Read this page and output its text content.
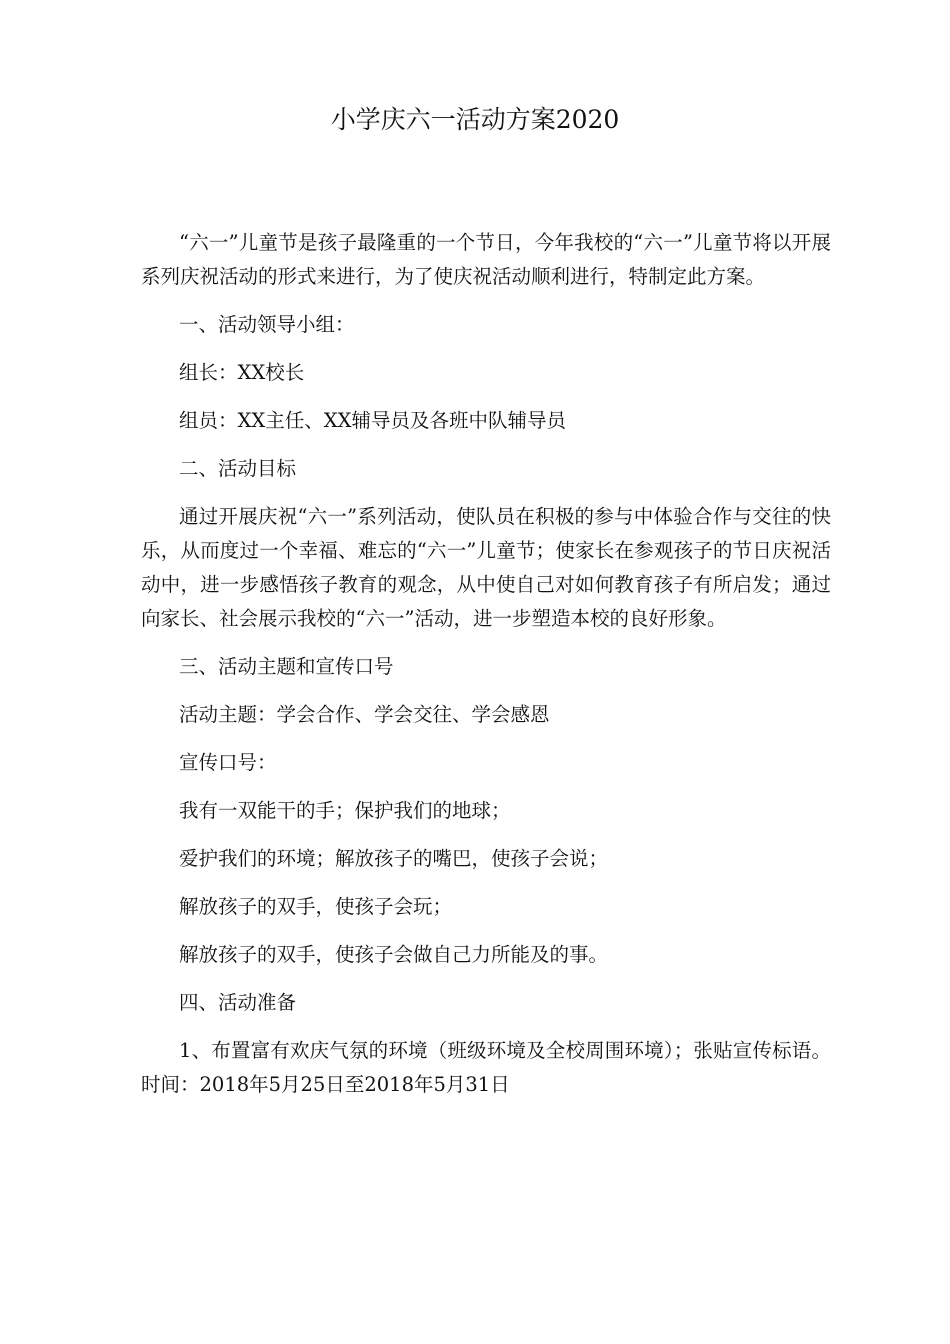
小学庆六一活动方案2020

“六一”儿童节是孩子最隆重的一个节日，今年我校的“六一”儿童节将以开展系列庆祝活动的形式来进行，为了使庆祝活动顺利进行，特制定此方案。

一、活动领导小组：

组长：XX校长

组员：XX主任、XX辅导员及各班中队辅导员

二、活动目标

通过开展庆祝“六一”系列活动，使队员在积极的参与中体验合作与交往的快乐，从而度过一个幸福、难忘的“六一”儿童节；使家长在参观孩子的节日庆祝活动中，进一步感悟孩子教育的观念，从中使自己对如何教育孩子有所启发；通过向家长、社会展示我校的“六一”活动，进一步塑造本校的良好形象。

三、活动主题和宣传口号

活动主题：学会合作、学会交往、学会感恩

宣传口号：

我有一双能干的手；保护我们的地球；

爱护我们的环境；解放孩子的嘴巴，使孩子会说；

解放孩子的双手，使孩子会玩；

解放孩子的双手，使孩子会做自己力所能及的事。

四、活动准备

1、布置富有欢庆气氛的环境（班级环境及全校周围环境）；张贴宣传标语。时间：2018年5月25日至2018年5月31日
